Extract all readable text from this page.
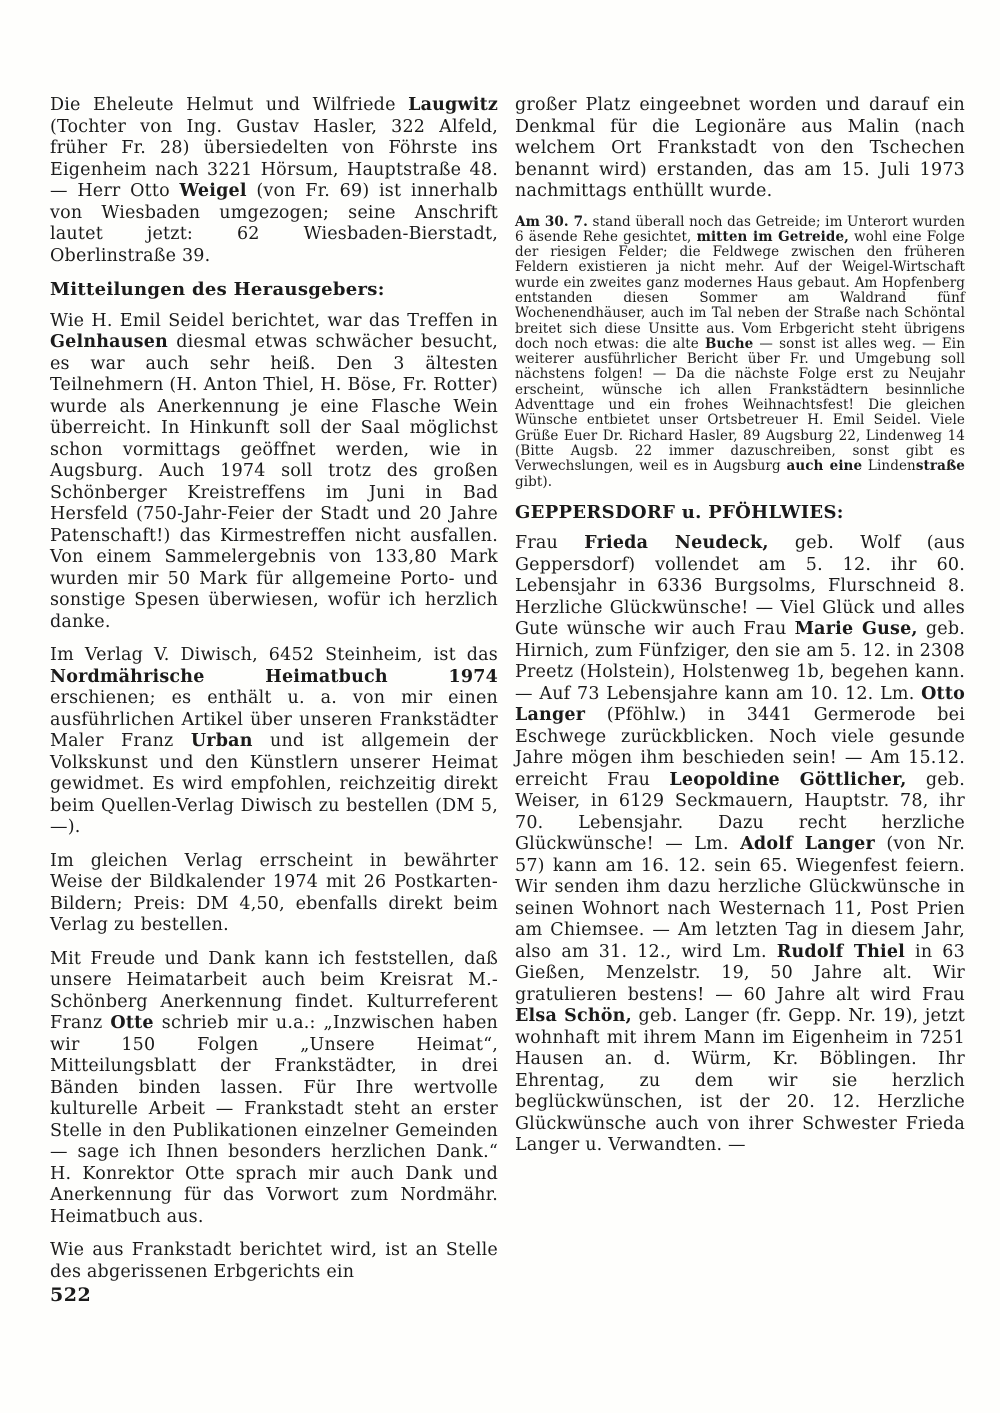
Die Eheleute Helmut und Wilfriede Laugwitz (Tochter von Ing. Gustav Hasler, 322 Alfeld, früher Fr. 28) übersiedelten von Föhrste ins Eigenheim nach 3221 Hörsum, Hauptstraße 48. — Herr Otto Weigel (von Fr. 69) ist innerhalb von Wiesbaden umgezogen; seine Anschrift lautet jetzt: 62 Wiesbaden-Bierstadt, Oberlinstraße 39.

Mitteilungen des Herausgebers:

Wie H. Emil Seidel berichtet, war das Treffen in Gelnhausen diesmal etwas schwächer besucht, es war auch sehr heiß. Den 3 ältesten Teilnehmern (H. Anton Thiel, H. Böse, Fr. Rotter) wurde als Anerkennung je eine Flasche Wein überreicht. In Hinkunft soll der Saal möglichst schon vormittags geöffnet werden, wie in Augsburg. Auch 1974 soll trotz des großen Schönberger Kreistreffens im Juni in Bad Hersfeld (750-Jahr-Feier der Stadt und 20 Jahre Patenschaft!) das Kirmestreffen nicht ausfallen. Von einem Sammelergebnis von 133,80 Mark wurden mir 50 Mark für allgemeine Porto- und sonstige Spesen überwiesen, wofür ich herzlich danke.

Im Verlag V. Diwisch, 6452 Steinheim, ist das Nordmährische Heimatbuch 1974 erschienen; es enthält u. a. von mir einen ausführlichen Artikel über unseren Frankstädter Maler Franz Urban und ist allgemein der Volkskunst und den Künstlern unserer Heimat gewidmet. Es wird empfohlen, reichzeitig direkt beim Quellen-Verlag Diwisch zu bestellen (DM 5,—).

Im gleichen Verlag errscheint in bewährter Weise der Bildkalender 1974 mit 26 Postkarten-Bildern; Preis: DM 4,50, ebenfalls direkt beim Verlag zu bestellen.

Mit Freude und Dank kann ich feststellen, daß unsere Heimatarbeit auch beim Kreisrat M.-Schönberg Anerkennung findet. Kulturreferent Franz Otte schrieb mir u.a.: „Inzwischen haben wir 150 Folgen „Unsere Heimat“, Mitteilungsblatt der Frankstädter, in drei Bänden binden lassen. Für Ihre wertvolle kulturelle Arbeit — Frankstadt steht an erster Stelle in den Publikationen einzelner Gemeinden — sage ich Ihnen besonders herzlichen Dank.“ H. Konrektor Otte sprach mir auch Dank und Anerkennung für das Vorwort zum Nordmähr. Heimatbuch aus.

Wie aus Frankstadt berichtet wird, ist an Stelle des abgerissenen Erbgerichts ein

großer Platz eingeebnet worden und darauf ein Denkmal für die Legionäre aus Malin (nach welchem Ort Frankstadt von den Tschechen benannt wird) erstanden, das am 15. Juli 1973 nachmittags enthüllt wurde.

Am 30. 7. stand überall noch das Getreide; im Unterort wurden 6 äsende Rehe gesichtet, mitten im Getreide, wohl eine Folge der riesigen Felder; die Feldwege zwischen den früheren Feldern existieren ja nicht mehr. Auf der Weigel-Wirtschaft wurde ein zweites ganz modernes Haus gebaut. Am Hopfenberg entstanden diesen Sommer am Waldrand fünf Wochenendhäuser, auch im Tal neben der Straße nach Schöntal breitet sich diese Unsitte aus. Vom Erbgericht steht übrigens doch noch etwas: die alte Buche — sonst ist alles weg. — Ein weiterer ausführlicher Bericht über Fr. und Umgebung soll nächstens folgen! — Da die nächste Folge erst zu Neujahr erscheint, wünsche ich allen Frankstädtern besinnliche Adventtage und ein frohes Weihnachtsfest! Die gleichen Wünsche entbietet unser Ortsbetreuer H. Emil Seidel. Viele Grüße Euer Dr. Richard Hasler, 89 Augsburg 22, Lindenweg 14 (Bitte Augsb. 22 immer dazuschreiben, sonst gibt es Verwechslungen, weil es in Augsburg auch eine Lindenstraße gibt).

GEPPERSDORF u. PFÖHLWIES:

Frau Frieda Neudeck, geb. Wolf (aus Geppersdorf) vollendet am 5. 12. ihr 60. Lebensjahr in 6336 Burgsolms, Flurschneid 8. Herzliche Glückwünsche! — Viel Glück und alles Gute wünsche wir auch Frau Marie Guse, geb. Hirnich, zum Fünfziger, den sie am 5. 12. in 2308 Preetz (Holstein), Holstenweg 1b, begehen kann. — Auf 73 Lebensjahre kann am 10. 12. Lm. Otto Langer (Pföhlw.) in 3441 Germerode bei Eschwege zurückblicken. Noch viele gesunde Jahre mögen ihm beschieden sein! — Am 15.12. erreicht Frau Leopoldine Göttlicher, geb. Weiser, in 6129 Seckmauern, Hauptstr. 78, ihr 70. Lebensjahr. Dazu recht herzliche Glückwünsche! — Lm. Adolf Langer (von Nr. 57) kann am 16. 12. sein 65. Wiegenfest feiern. Wir senden ihm dazu herzliche Glückwünsche in seinen Wohnort nach Westernach 11, Post Prien am Chiemsee. — Am letzten Tag in diesem Jahr, also am 31. 12., wird Lm. Rudolf Thiel in 63 Gießen, Menzelstr. 19, 50 Jahre alt. Wir gratulieren bestens! — 60 Jahre alt wird Frau Elsa Schön, geb. Langer (fr. Gepp. Nr. 19), jetzt wohnhaft mit ihrem Mann im Eigenheim in 7251 Hausen an. d. Würm, Kr. Böblingen. Ihr Ehrentag, zu dem wir sie herzlich beglückwünschen, ist der 20. 12. Herzliche Glückwünsche auch von ihrer Schwester Frieda Langer u. Verwandten. —

522
